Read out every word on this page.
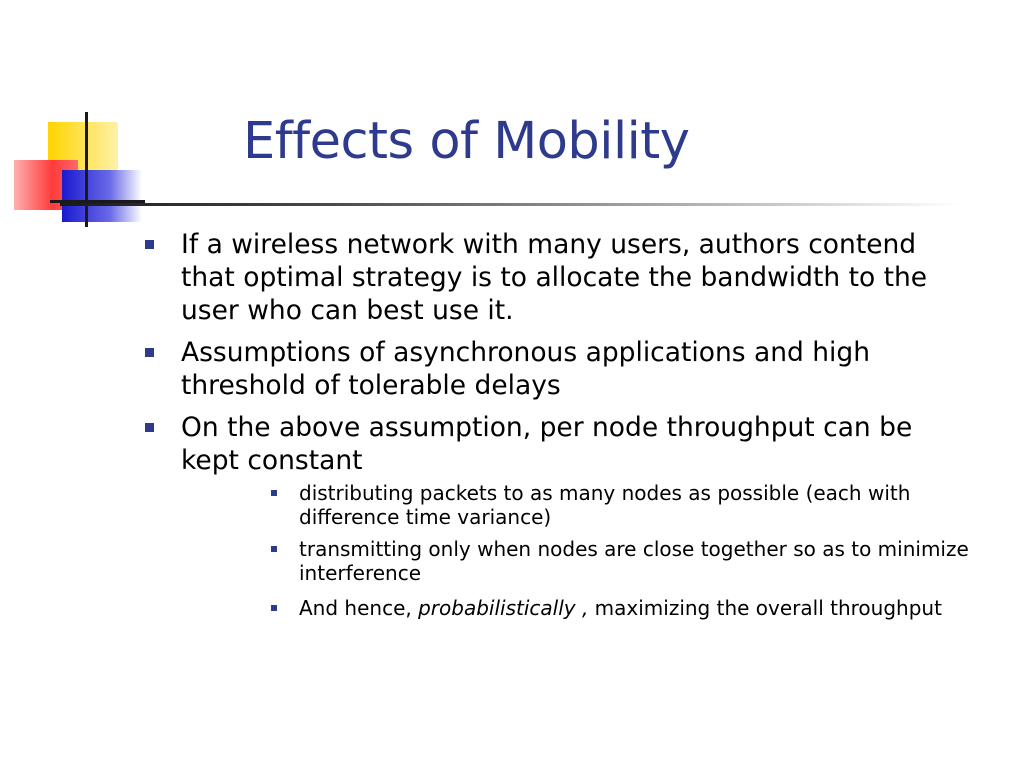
Effects of Mobility
If a wireless network with many users, authors contend that optimal strategy is to allocate the bandwidth to the user who can best use it.
Assumptions of asynchronous applications and high threshold of tolerable delays
On the above assumption, per node throughput can be kept constant
distributing packets to as many nodes as possible (each with difference time variance)
transmitting only when nodes are close together so as to minimize interference
And hence, probabilistically , maximizing the overall throughput
